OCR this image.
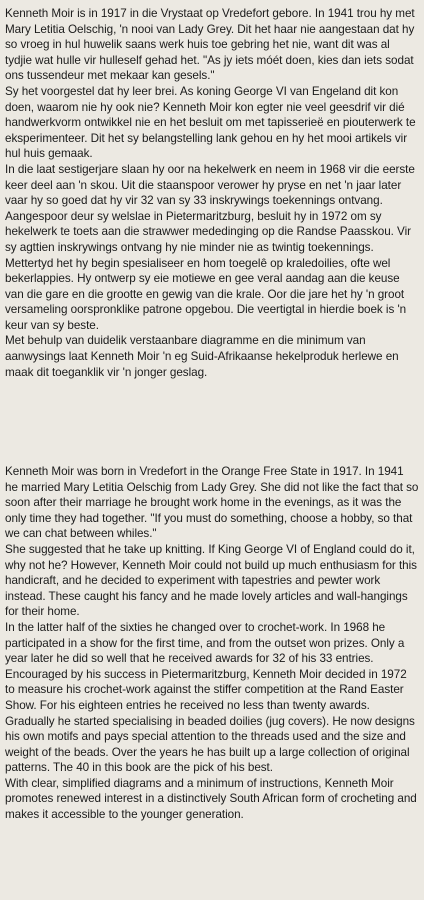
Kenneth Moir is in 1917 in die Vrystaat op Vredefort gebore. In 1941 trou hy met Mary Letitia Oelschig, 'n nooi van Lady Grey. Dit het haar nie aangestaan dat hy so vroeg in hul huwelik saans werk huis toe gebring het nie, want dit was al tydjie wat hulle vir hulleself gehad het. "As jy iets móét doen, kies dan iets sodat ons tussendeur met mekaar kan gesels."

Sy het voorgestel dat hy leer brei. As koning George VI van Engeland dit kon doen, waarom nie hy ook nie? Kenneth Moir kon egter nie veel geesdrif vir dié handwerkvorm ontwikkel nie en het besluit om met tapisserieë en piouterwerk te eksperimenteer. Dit het sy belangstelling lank gehou en hy het mooi artikels vir hul huis gemaak.

In die laat sestigerjare slaan hy oor na hekelwerk en neem in 1968 vir die eerste keer deel aan 'n skou. Uit die staanspoor verower hy pryse en net 'n jaar later vaar hy so goed dat hy vir 32 van sy 33 inskrywings toekennings ontvang.

Aangespoor deur sy welslae in Pietermaritzburg, besluit hy in 1972 om sy hekelwerk te toets aan die strawwer mededinging op die Randse Paasskou. Vir sy agttien inskrywings ontvang hy nie minder nie as twintig toekennings.

Mettertyd het hy begin spesialiseer en hom toegelê op kraledoilies, ofte wel bekerlappies. Hy ontwerp sy eie motiewe en gee veral aandag aan die keuse van die gare en die grootte en gewig van die krale. Oor die jare het hy 'n groot versameling oorspronklike patrone opgebou. Die veertigtal in hierdie boek is 'n keur van sy beste.

Met behulp van duidelik verstaanbare diagramme en die minimum van aanwysings laat Kenneth Moir 'n eg Suid-Afrikaanse hekelproduk herlewe en maak dit toeganklik vir 'n jonger geslag.

Kenneth Moir was born in Vredefort in the Orange Free State in 1917. In 1941 he married Mary Letitia Oelschig from Lady Grey. She did not like the fact that so soon after their marriage he brought work home in the evenings, as it was the only time they had together. "If you must do something, choose a hobby, so that we can chat between whiles."

She suggested that he take up knitting. If King George VI of England could do it, why not he? However, Kenneth Moir could not build up much enthusiasm for this handicraft, and he decided to experiment with tapestries and pewter work instead. These caught his fancy and he made lovely articles and wall-hangings for their home.

In the latter half of the sixties he changed over to crochet-work. In 1968 he participated in a show for the first time, and from the outset won prizes. Only a year later he did so well that he received awards for 32 of his 33 entries.

Encouraged by his success in Pietermaritzburg, Kenneth Moir decided in 1972 to measure his crochet-work against the stiffer competition at the Rand Easter Show. For his eighteen entries he received no less than twenty awards.

Gradually he started specialising in beaded doilies (jug covers). He now designs his own motifs and pays special attention to the threads used and the size and weight of the beads. Over the years he has built up a large collection of original patterns. The 40 in this book are the pick of his best.

With clear, simplified diagrams and a minimum of instructions, Kenneth Moir promotes renewed interest in a distinctively South African form of crocheting and makes it accessible to the younger generation.
